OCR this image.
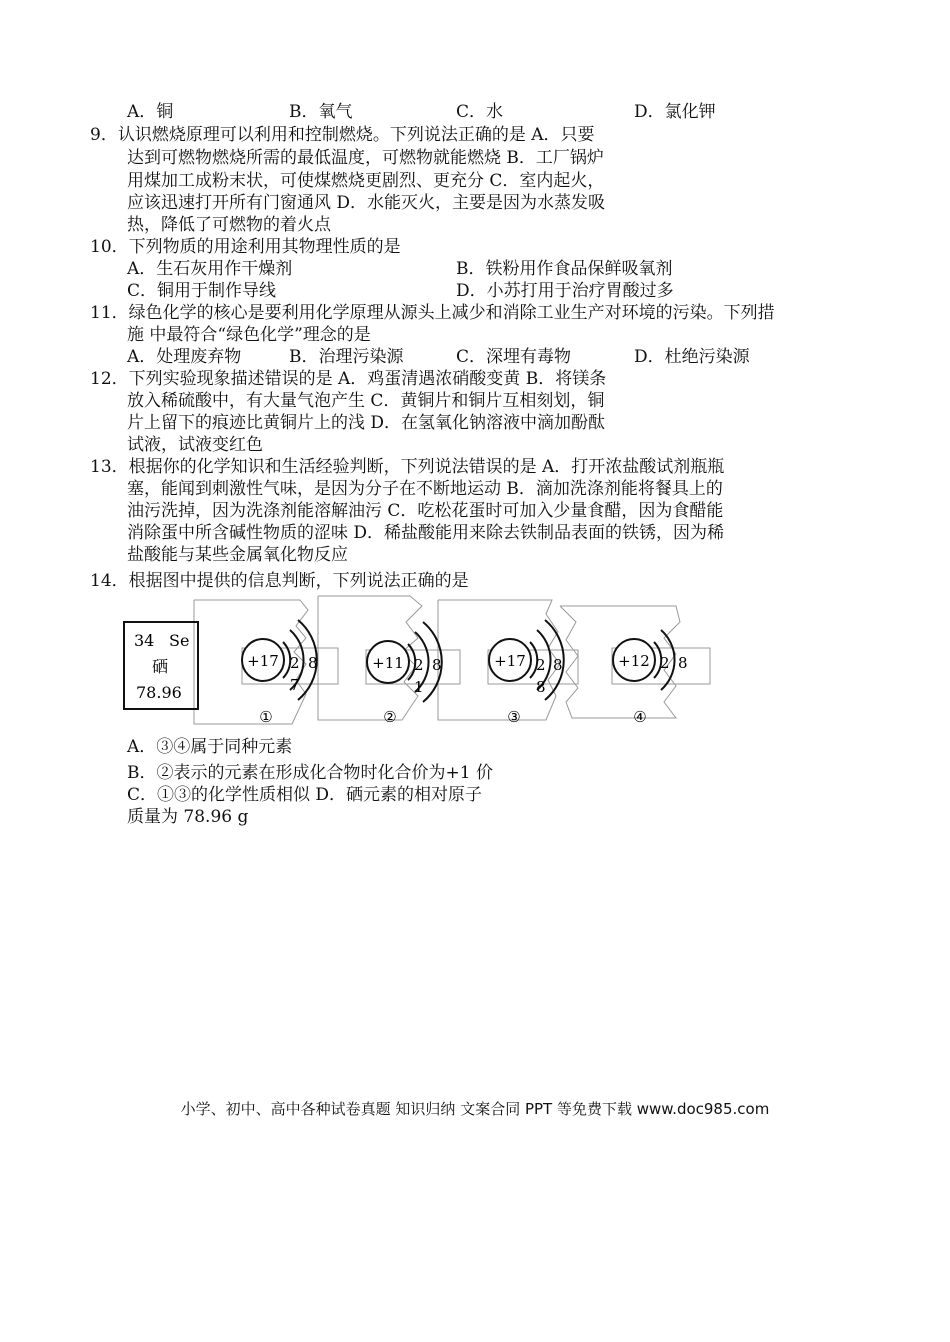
A．铜	B．氧气	C．水	D．氯化钾
9．认识燃烧原理可以利用和控制燃烧。下列说法正确的是 A．只要
达到可燃物燃烧所需的最低温度，可燃物就能燃烧 B．工厂锅炉
用煤加工成粉末状，可使煤燃烧更剧烈、更充分 C．室内起火，
应该迅速打开所有门窗通风 D．水能灭火，主要是因为水蒸发吸
热，降低了可燃物的着火点
10．下列物质的用途利用其物理性质的是
A．生石灰用作干燥剂	B．铁粉用作食品保鲜吸氧剂
C．铜用于制作导线	D．小苏打用于治疗胃酸过多
11．绿色化学的核心是要利用化学原理从源头上减少和消除工业生产对环境的污染。下列措
施 中最符合“绿色化学”理念的是
A．处理废弃物	B．治理污染源	C．深埋有毒物	D．杜绝污染源
12．下列实验现象描述错误的是 A．鸡蛋清遇浓硝酸变黄 B．将镁条
放入稀硫酸中，有大量气泡产生 C．黄铜片和铜片互相刻划，铜
片上留下的痕迹比黄铜片上的浅 D．在氢氧化钠溶液中滴加酚酞
试液，试液变红色
13．根据你的化学知识和生活经验判断，下列说法错误的是 A．打开浓盐酸试剂瓶瓶
塞，能闻到刺激性气味，是因为分子在不断地运动 B．滴加洗涤剂能将餐具上的
油污洗掉，因为洗涤剂能溶解油污 C．吃松花蛋时可加入少量食醋，因为食醋能
消除蛋中所含碱性物质的涩味 D．稀盐酸能用来除去铁制品表面的铁锈，因为稀
盐酸能与某些金属氧化物反应
14．根据图中提供的信息判断，下列说法正确的是
34 Se
硒
78.96
+17 2 8
7
①
+11 2 8
1
②
+17 2 8
8
③
+12 2 8
④
A．③④属于同种元素
B．②表示的元素在形成化合物时化合价为+1 价
C．①③的化学性质相似 D．硒元素的相对原子
质量为 78.96 g
小学、初中、高中各种试卷真题 知识归纳 文案合同 PPT 等免费下载 www.doc985.com
